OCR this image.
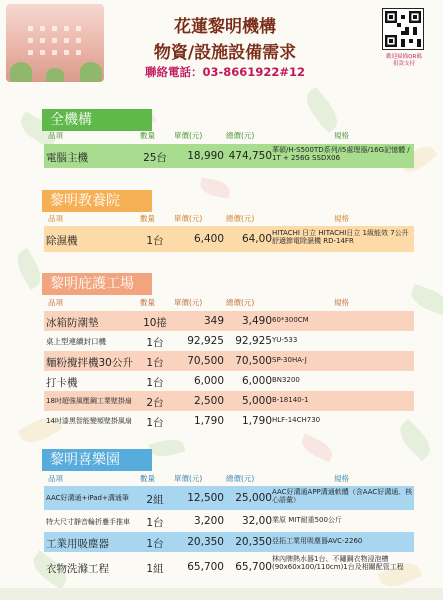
花蓮黎明機構
物資/設施設備需求
聯絡電話：03-8661922#12
歡迎掃描QR碼
捐款支持
全機構
品項	數量	單價(元)	總價(元)	規格
電腦主機	25台	18,990 474,750 華碩/H-S500TD系列/i5處理器/16G記憶體 / 1T + 256G SSDX06
黎明教養院
品項	數量	單價(元)	總價(元)	規格
除濕機	1台	6,400	64,00 HITACHI 日立 HITACHI日立 1級能效 7公升舒適節電除濕機 RD-14FR
黎明庇護工場
品項	數量	單價(元)	總價(元)	規格
冰箱防潮墊	10捲	349	3,490 60*300CM
桌上型連續封口機	1台	92,925	92,925 YU-533
麵粉攪拌機30公升	1台	70,500	70,500 SP-30HA-J
打卡機	1台	6,000	6,000 BN3200
18吋超強風壓鋼工業壁掛扇	2台	2,500	5,000 B-18140-1
14吋漆黑智能變頻壁掛風扇	1台	1,790	1,790 HLF-14CH730
黎明喜樂園
品項	數量	單價(元)	總價(元)	規格
AAC好溝通+iPad+溝通筆	2組	12,500	25,000 AAC好溝通APP溝通軟體（含AAC好溝通、核心語彙）
特大尺寸靜音輪折疊手推車	1台	3,200	32,00 業原 MIT耐重500公斤
工業用吸塵器	1台	20,350	20,350 亞拓工業用吸塵器AVC-2260
衣物洗滌工程	1組	65,700	65,700
林內牌熱水器1台、不鏽鋼衣物浸泡槽(90x60x100/110cm)1台及相關配管工程
